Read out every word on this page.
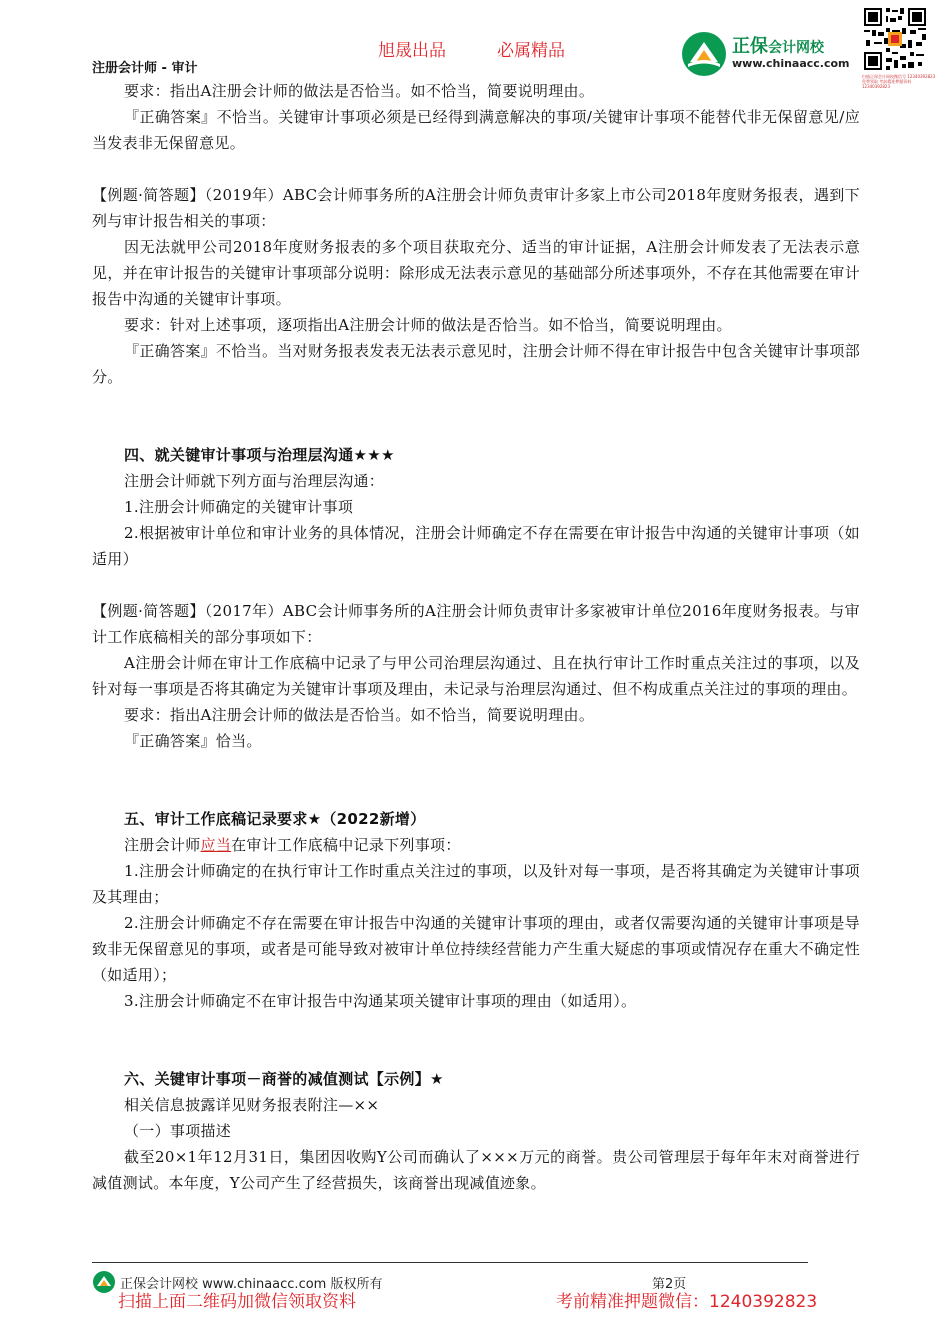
旭晟出品	必属精品
注册会计师 - 审计
正保会计网校
www.chinaacc.com
扫描正保会计网校微信号 12340392823 免费领取 考前精准押题资料 12340392823

要求：指出A注册会计师的做法是否恰当。如不恰当，简要说明理由。

『正确答案』不恰当。关键审计事项必须是已经得到满意解决的事项/关键审计事项不能替代非无保留意见/应当发表非无保留意见。

【例题·简答题】（2019年）ABC会计师事务所的A注册会计师负责审计多家上市公司2018年度财务报表，遇到下列与审计报告相关的事项：

因无法就甲公司2018年度财务报表的多个项目获取充分、适当的审计证据，A注册会计师发表了无法表示意见，并在审计报告的关键审计事项部分说明：除形成无法表示意见的基础部分所述事项外，不存在其他需要在审计报告中沟通的关键审计事项。

要求：针对上述事项，逐项指出A注册会计师的做法是否恰当。如不恰当，简要说明理由。

『正确答案』不恰当。当对财务报表发表无法表示意见时，注册会计师不得在审计报告中包含关键审计事项部分。

四、就关键审计事项与治理层沟通★★★

注册会计师就下列方面与治理层沟通：

1.注册会计师确定的关键审计事项

2.根据被审计单位和审计业务的具体情况，注册会计师确定不存在需要在审计报告中沟通的关键审计事项（如适用）

【例题·简答题】（2017年）ABC会计师事务所的A注册会计师负责审计多家被审计单位2016年度财务报表。与审计工作底稿相关的部分事项如下：

A注册会计师在审计工作底稿中记录了与甲公司治理层沟通过、且在执行审计工作时重点关注过的事项，以及针对每一事项是否将其确定为关键审计事项及理由，未记录与治理层沟通过、但不构成重点关注过的事项的理由。

要求：指出A注册会计师的做法是否恰当。如不恰当，简要说明理由。

『正确答案』恰当。

五、审计工作底稿记录要求★（2022新增）

注册会计师应当在审计工作底稿中记录下列事项：

1.注册会计师确定的在执行审计工作时重点关注过的事项，以及针对每一事项，是否将其确定为关键审计事项及其理由；

2.注册会计师确定不存在需要在审计报告中沟通的关键审计事项的理由，或者仅需要沟通的关键审计事项是导致非无保留意见的事项，或者是可能导致对被审计单位持续经营能力产生重大疑虑的事项或情况存在重大不确定性（如适用）；

3.注册会计师确定不在审计报告中沟通某项关键审计事项的理由（如适用）。

六、关键审计事项－商誉的减值测试【示例】★

相关信息披露详见财务报表附注—××

（一）事项描述

截至20×1年12月31日，集团因收购Y公司而确认了×××万元的商誉。贵公司管理层于每年年末对商誉进行减值测试。本年度，Y公司产生了经营损失，该商誉出现减值迹象。

正保会计网校 www.chinaacc.com 版权所有	第2页
扫描上面二维码加微信领取资料	考前精准押题微信：1240392823
